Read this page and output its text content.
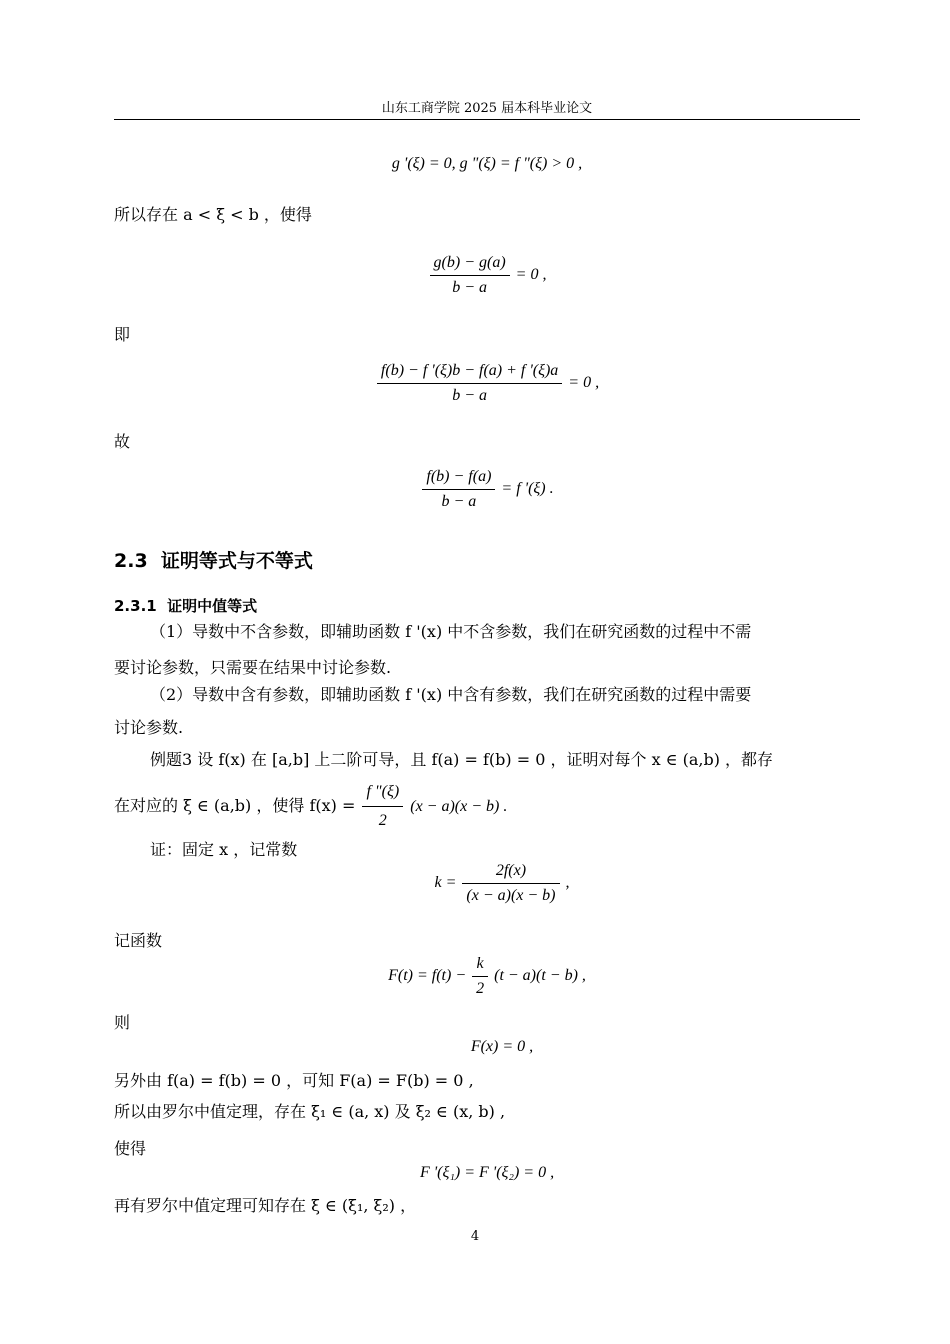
山东工商学院 2025 届本科毕业论文
g '(ξ) = 0, g "(ξ) = f "(ξ) > 0 ,
所以存在 a < ξ < b ，使得
$\frac{g(b) - g(a)}{b - a} = 0$ ,
即
$\frac{f(b) - f '(\xi)b - f(a) + f '(\xi)a}{b - a} = 0$ ,
故
$\frac{f(b) - f(a)}{b - a} = f$ '(ξ) .
2.3 证明等式与不等式
2.3.1 证明中值等式
（1）导数中不含参数，即辅助函数 f '(x) 中不含参数，我们在研究函数的过程中不需
要讨论参数，只需要在结果中讨论参数.
（2）导数中含有参数，即辅助函数 f '(x) 中含有参数，我们在研究函数的过程中需要
讨论参数.
例题3 设 f(x) 在 [a,b] 上二阶可导，且 f(a) = f(b) = 0 ，证明对每个 x ∈ (a,b) ，都存
在对应的 ξ ∈ (a,b) ，使得 $f(x) = \frac{f "(\xi)}{2} (x - a)(x - b)$ .
证：固定 x ，记常数
$k = \frac{2f(x)}{(x - a)(x - b)}$ ,
记函数
$F(t) = f(t) - \frac{k}{2} (t - a)(t - b)$ ,
则
F(x) = 0 ,
另外由 f(a) = f(b) = 0 ，可知 F(a) = F(b) = 0 ,
所以由罗尔中值定理，存在 ξ₁ ∈ (a, x) 及 ξ₂ ∈ (x, b) ,
使得
F '(ξ₁) = F '(ξ₂) = 0 ,
再有罗尔中值定理可知存在 ξ ∈ (ξ₁, ξ₂) ，
4
